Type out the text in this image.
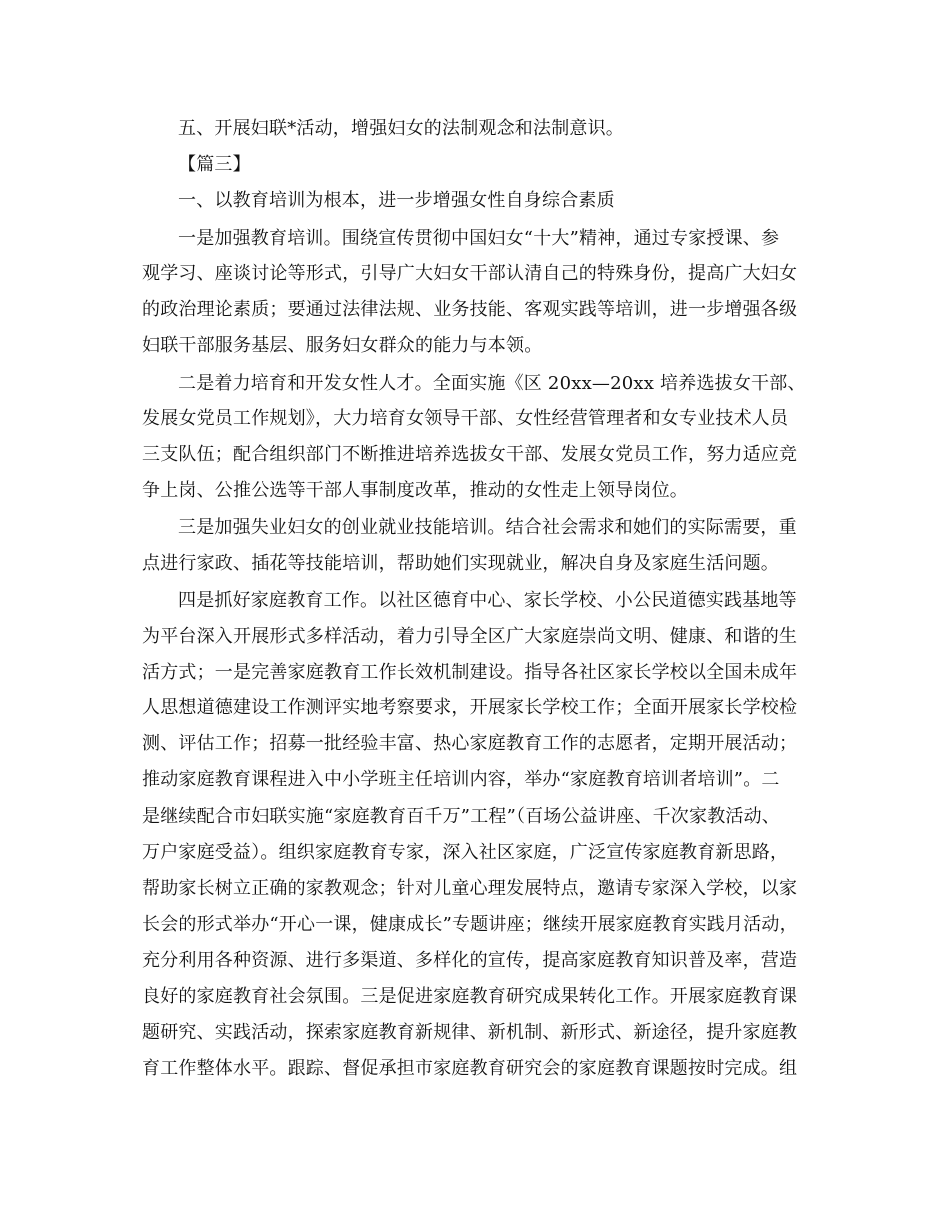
五、开展妇联*活动，增强妇女的法制观念和法制意识。

【篇三】

一、以教育培训为根本，进一步增强女性自身综合素质

一是加强教育培训。围绕宣传贯彻中国妇女“十大”精神，通过专家授课、参

观学习、座谈讨论等形式，引导广大妇女干部认清自己的特殊身份，提高广大妇女

的政治理论素质；要通过法律法规、业务技能、客观实践等培训，进一步增强各级

妇联干部服务基层、服务妇女群众的能力与本领。

二是着力培育和开发女性人才。全面实施《区 20xx—20xx 培养选拔女干部、

发展女党员工作规划》，大力培育女领导干部、女性经营管理者和女专业技术人员

三支队伍；配合组织部门不断推进培养选拔女干部、发展女党员工作，努力适应竞

争上岗、公推公选等干部人事制度改革，推动的女性走上领导岗位。

三是加强失业妇女的创业就业技能培训。结合社会需求和她们的实际需要，重

点进行家政、插花等技能培训，帮助她们实现就业，解决自身及家庭生活问题。

四是抓好家庭教育工作。以社区德育中心、家长学校、小公民道德实践基地等

为平台深入开展形式多样活动，着力引导全区广大家庭崇尚文明、健康、和谐的生

活方式；一是完善家庭教育工作长效机制建设。指导各社区家长学校以全国未成年

人思想道德建设工作测评实地考察要求，开展家长学校工作；全面开展家长学校检

测、评估工作；招募一批经验丰富、热心家庭教育工作的志愿者，定期开展活动；

推动家庭教育课程进入中小学班主任培训内容，举办“家庭教育培训者培训”。二

是继续配合市妇联实施“家庭教育百千万”工程”（百场公益讲座、千次家教活动、

万户家庭受益）。组织家庭教育专家，深入社区家庭，广泛宣传家庭教育新思路，

帮助家长树立正确的家教观念；针对儿童心理发展特点，邀请专家深入学校，以家

长会的形式举办“开心一课，健康成长”专题讲座；继续开展家庭教育实践月活动，

充分利用各种资源、进行多渠道、多样化的宣传，提高家庭教育知识普及率，营造

良好的家庭教育社会氛围。三是促进家庭教育研究成果转化工作。开展家庭教育课

题研究、实践活动，探索家庭教育新规律、新机制、新形式、新途径，提升家庭教

育工作整体水平。跟踪、督促承担市家庭教育研究会的家庭教育课题按时完成。组
